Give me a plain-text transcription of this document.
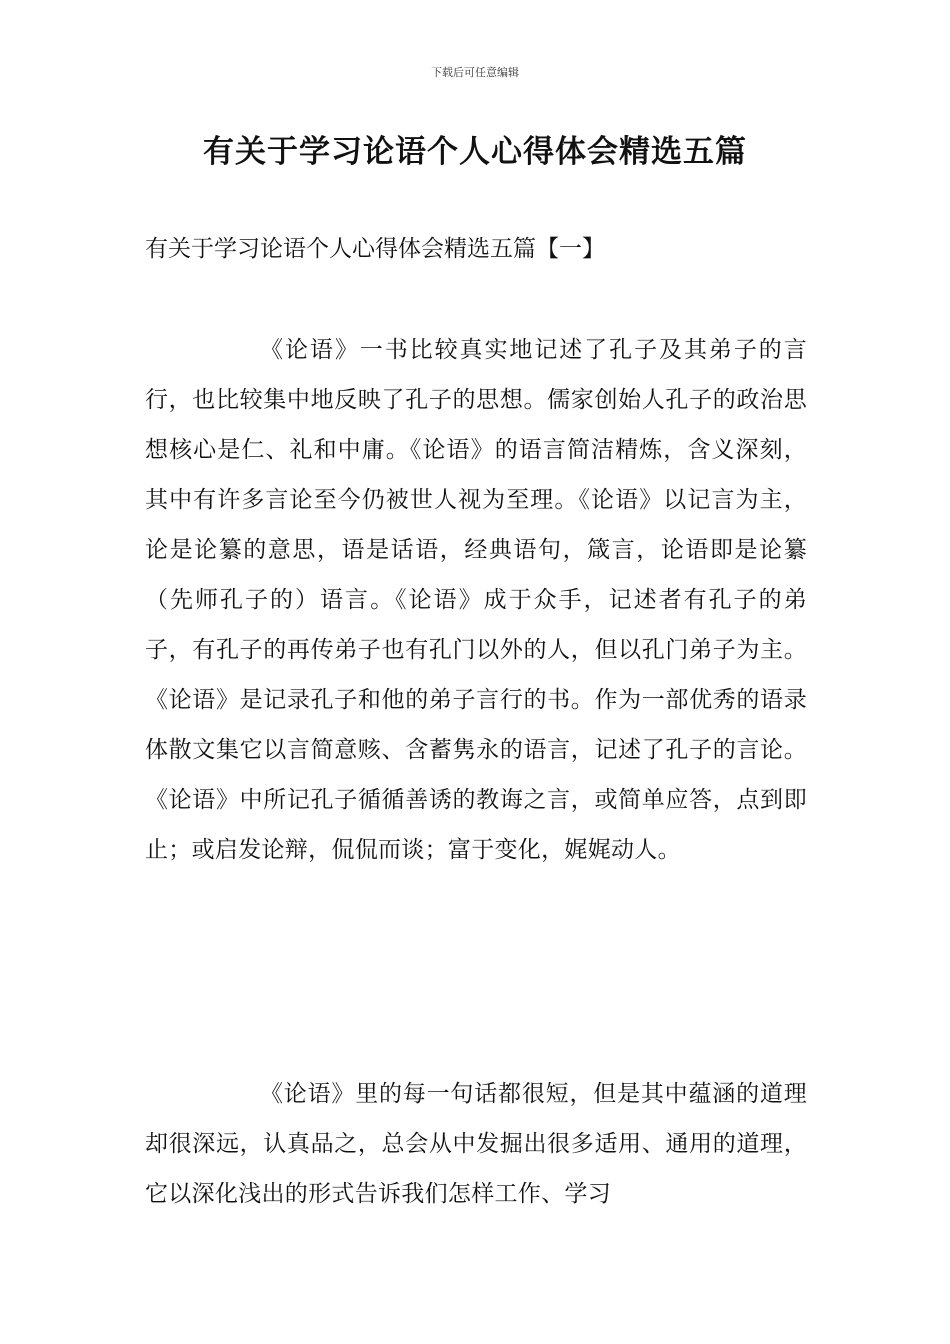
下载后可任意编辑
有关于学习论语个人心得体会精选五篇
有关于学习论语个人心得体会精选五篇【一】

《论语》一书比较真实地记述了孔子及其弟子的言行，也比较集中地反映了孔子的思想。儒家创始人孔子的政治思想核心是仁、礼和中庸。《论语》的语言简洁精炼，含义深刻，其中有许多言论至今仍被世人视为至理。《论语》以记言为主，论是论纂的意思，语是话语，经典语句，箴言，论语即是论纂（先师孔子的）语言。《论语》成于众手，记述者有孔子的弟子，有孔子的再传弟子也有孔门以外的人，但以孔门弟子为主。《论语》是记录孔子和他的弟子言行的书。作为一部优秀的语录体散文集它以言简意赅、含蓄隽永的语言，记述了孔子的言论。《论语》中所记孔子循循善诱的教诲之言，或简单应答，点到即止；或启发论辩，侃侃而谈；富于变化，娓娓动人。

《论语》里的每一句话都很短，但是其中蕴涵的道理却很深远，认真品之，总会从中发掘出很多适用、通用的道理，它以深化浅出的形式告诉我们怎样工作、学习
